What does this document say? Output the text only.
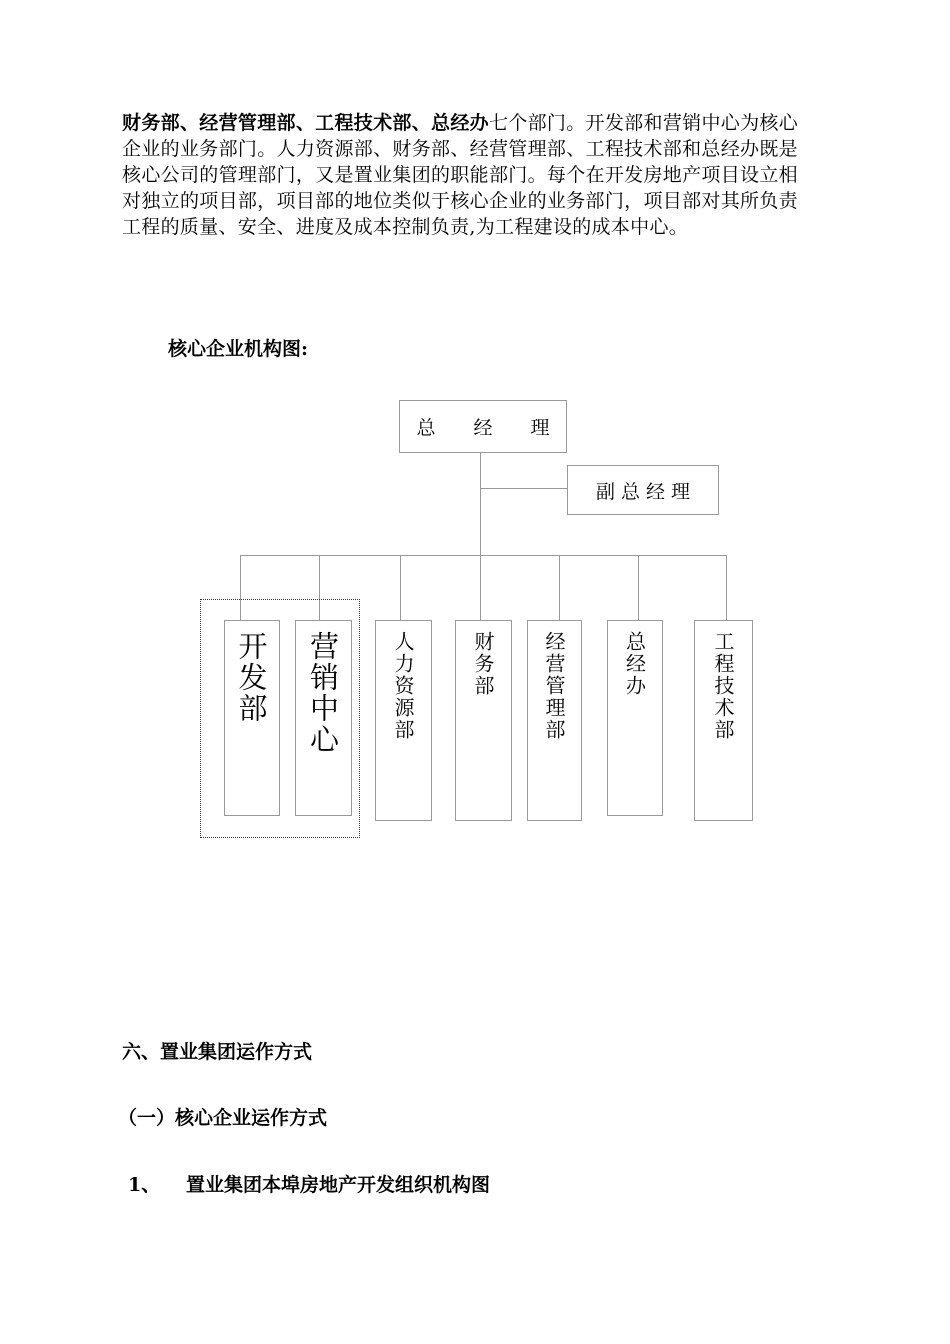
财务部、经营管理部、工程技术部、总经办七个部门。开发部和营销中心为核心企业的业务部门。人力资源部、财务部、经营管理部、工程技术部和总经办既是核心公司的管理部门，又是置业集团的职能部门。每个在开发房地产项目设立相对独立的项目部，项目部的地位类似于核心企业的业务部门，项目部对其所负责工程的质量、安全、进度及成本控制负责,为工程建设的成本中心。
核心企业机构图:
总　　经　　理
副 总 经 理
开发部 营销中心	人力资源部	财务部 经营管理部	总经办	工程技术部
六、置业集团运作方式
（一）核心企业运作方式
1、 置业集团本埠房地产开发组织机构图
